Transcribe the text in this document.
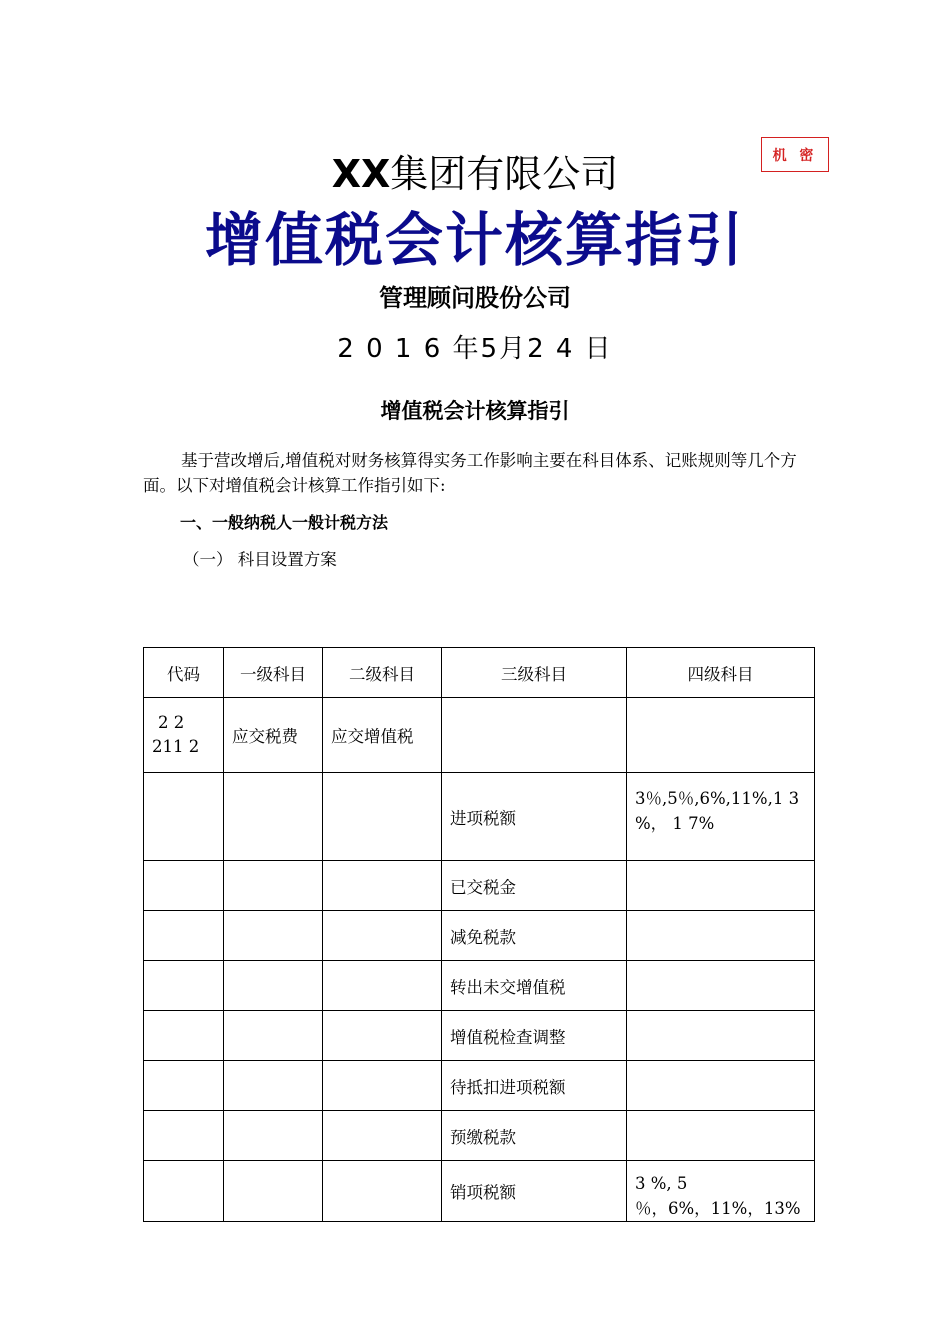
机 密
XX集团有限公司
增值税会计核算指引
管理顾问股份公司
2 0 1 6 年5月2 4 日
增值税会计核算指引

基于营改增后,增值税对财务核算得实务工作影响主要在科目体系、记账规则等几个方面。以下对增值税会计核算工作指引如下:

一、一般纳税人一般计税方法
（一） 科目设置方案
代码	一级科目	二级科目	三级科目	四级科目

2 2
211 2	应交税费	应交增值税		
			进项税额	3％,5％,6%,11%,1 3
%， 1 7%

			已交税金	
			减免税款	
			转出未交增值税	
			增值税检查调整	
			待抵扣进项税额	
			预缴税款	
			销项税额	3 %, 5
％，6%，11%，13%
